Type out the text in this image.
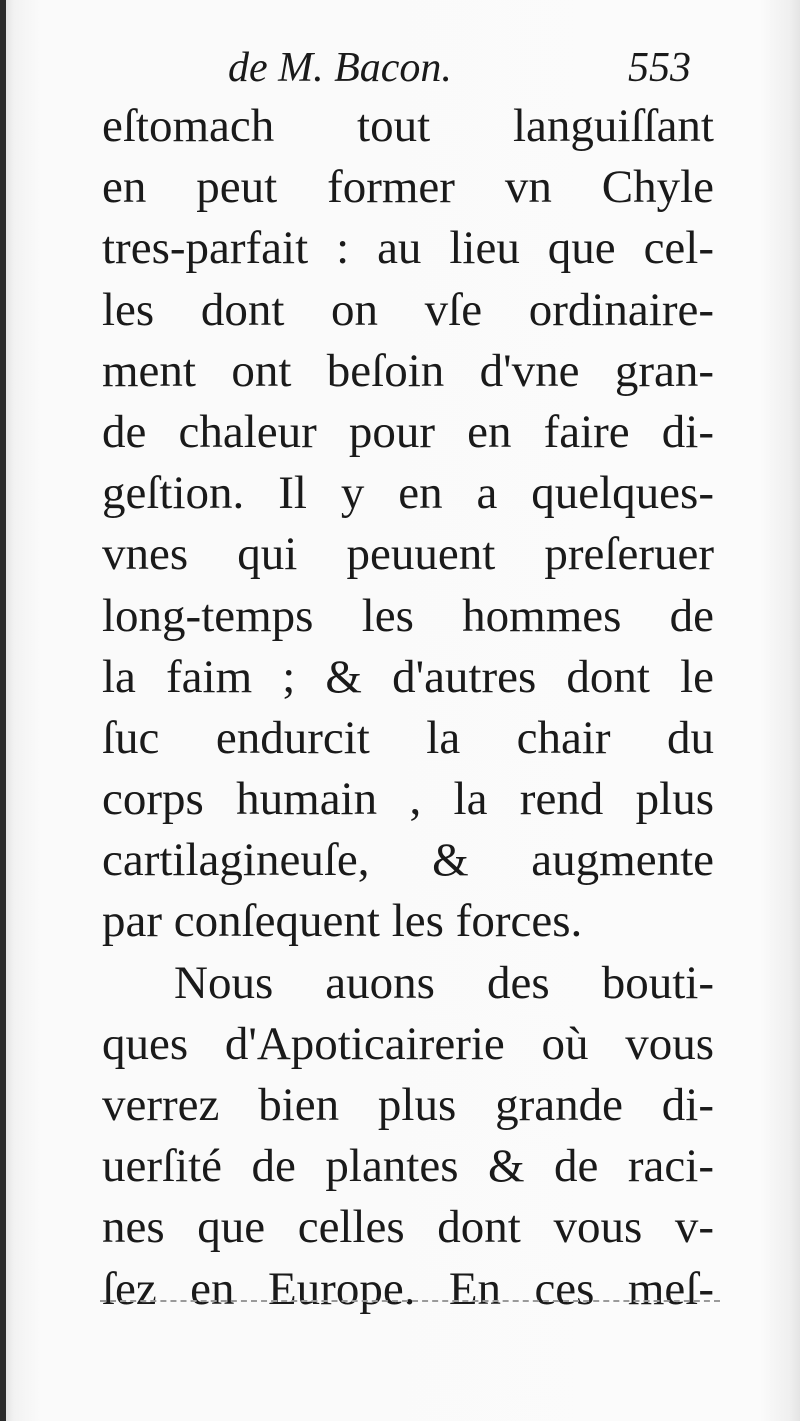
de M. Bacon.	553
eſtomach tout languiſſant
en peut former vn Chyle
tres-parfait : au lieu que cel-
les dont on vſe ordinaire-
ment ont beſoin d'vne gran-
de chaleur pour en faire di-
geſtion. Il y en a quelques-
vnes qui peuuent preſeruer
long-temps les hommes de
la faim ; & d'autres dont le
ſuc endurcit la chair du
corps humain , la rend plus
cartilagineuſe, & augmente
par conſequent les forces.
Nous auons des bouti-
ques d'Apoticairerie où vous
verrez bien plus grande di-
uerſité de plantes & de raci-
nes que celles dont vous v-
ſez en Europe. En ces meſ-
